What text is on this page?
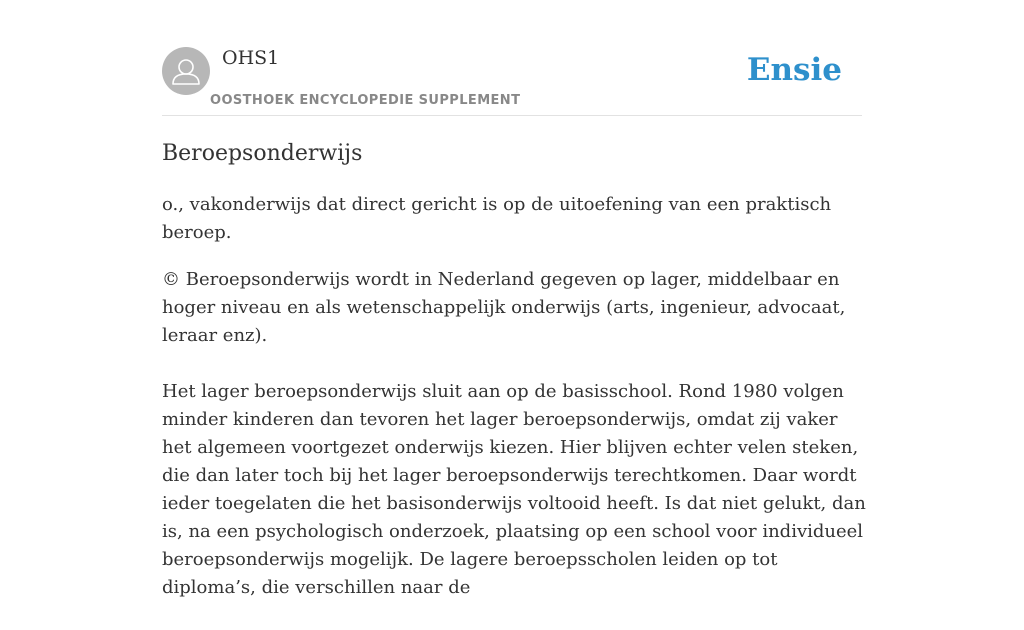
OHS1
OOSTHOEK ENCYCLOPEDIE SUPPLEMENT
Ensie
Beroepsonderwijs

o., vakonderwijs dat direct gericht is op de uitoefening van een praktisch beroep.

© Beroepsonderwijs wordt in Nederland gegeven op lager, middelbaar en hoger niveau en als wetenschappelijk onderwijs (arts, ingenieur, advocaat, leraar enz).

Het lager beroepsonderwijs sluit aan op de basisschool. Rond 1980 volgen minder kinderen dan tevoren het lager beroepsonderwijs, omdat zij vaker het algemeen voortgezet onderwijs kiezen. Hier blijven echter velen steken, die dan later toch bij het lager beroepsonderwijs terechtkomen. Daar wordt ieder toegelaten die het basisonderwijs voltooid heeft. Is dat niet gelukt, dan is, na een psychologisch onderzoek, plaatsing op een school voor individueel beroepsonderwijs mogelijk. De lagere beroepsscholen leiden op tot diploma’s, die verschillen naar de
